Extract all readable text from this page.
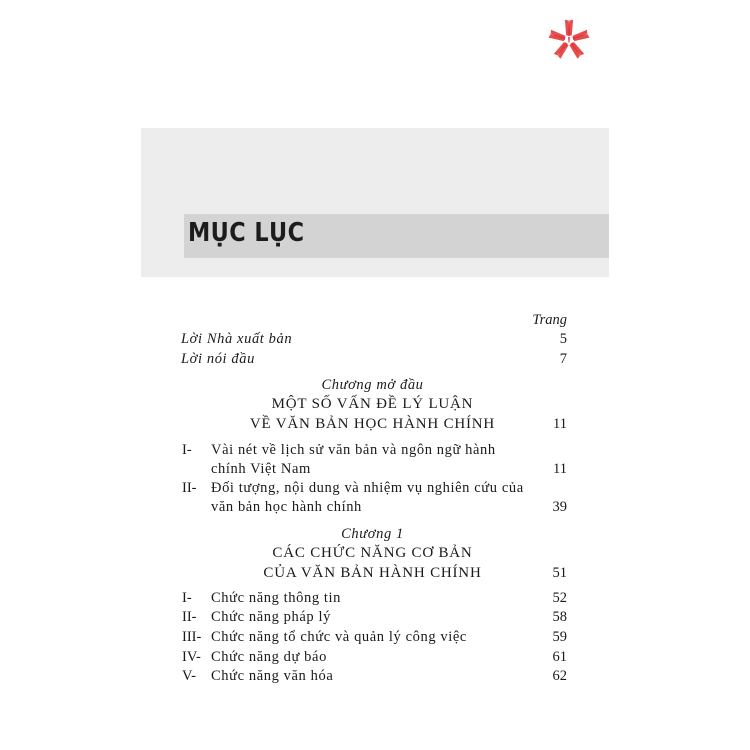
MỤC LỤC
Trang
Lời Nhà xuất bản	5
Lời nói đầu	7
Chương mở đầu
MỘT SỐ VẤN ĐỀ LÝ LUẬN
VỀ VĂN BẢN HỌC HÀNH CHÍNH	11
I- Vài nét về lịch sử văn bản và ngôn ngữ hành
chính Việt Nam	11
II- Đối tượng, nội dung và nhiệm vụ nghiên cứu của
văn bản học hành chính	39
Chương 1
CÁC CHỨC NĂNG CƠ BẢN
CỦA VĂN BẢN HÀNH CHÍNH	51
I- Chức năng thông tin	52
II- Chức năng pháp lý	58
III- Chức năng tổ chức và quản lý công việc	59
IV- Chức năng dự báo	61
V- Chức năng văn hóa	62
